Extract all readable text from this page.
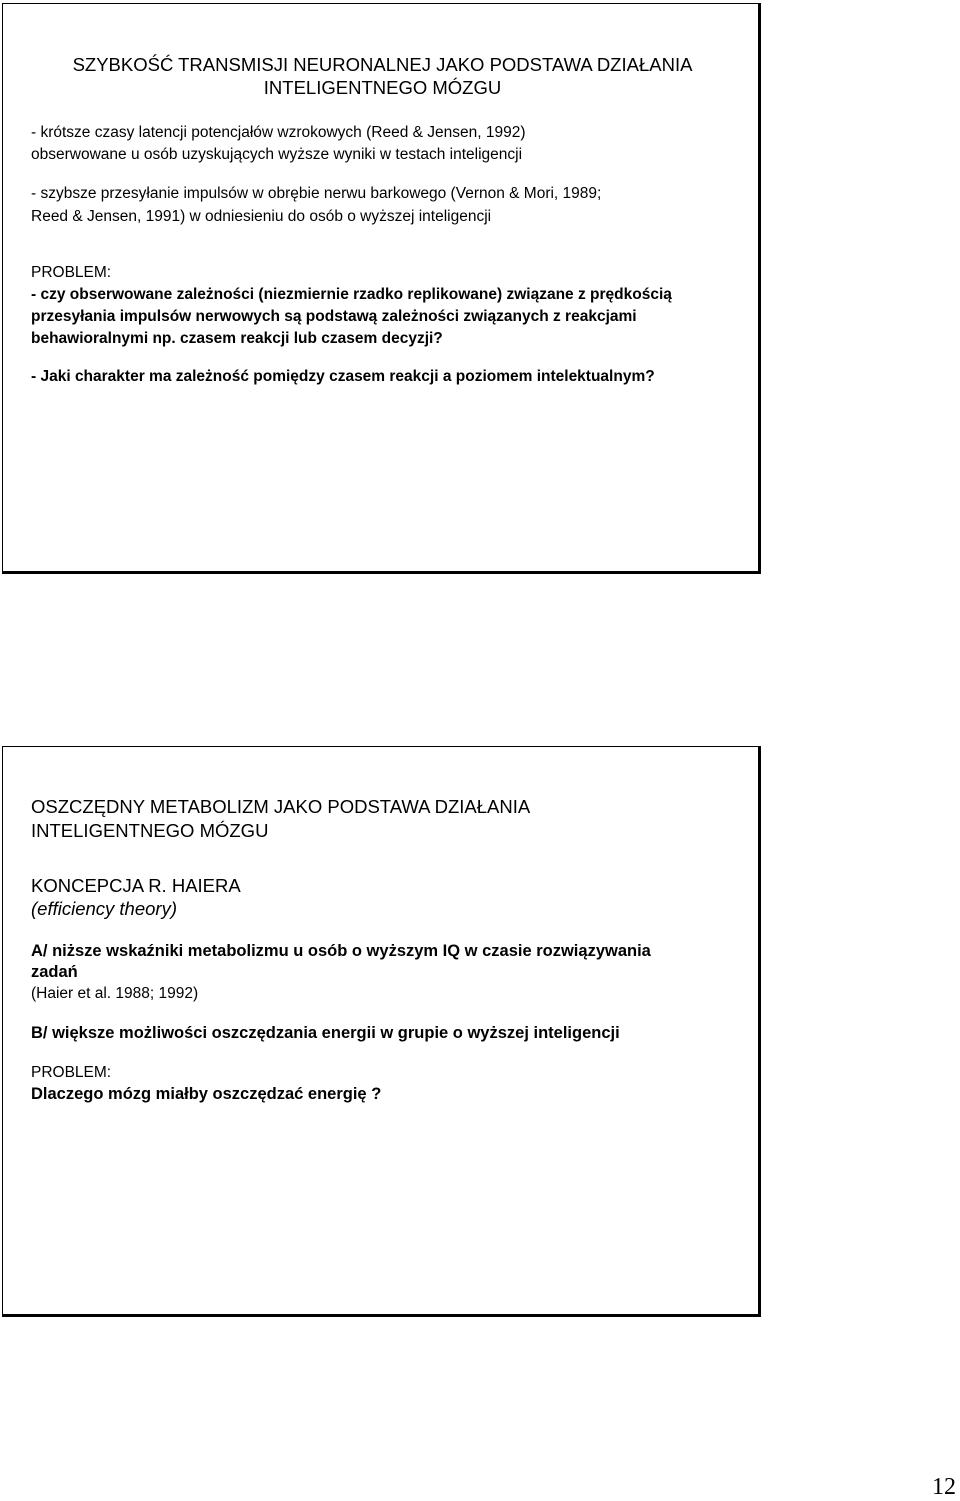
SZYBKOŚĆ TRANSMISJI NEURONALNEJ JAKO PODSTAWA DZIAŁANIA

INTELIGENTNEGO MÓZGU

- krótsze czasy latencji potencjałów wzrokowych (Reed & Jensen, 1992)

obserwowane u osób uzyskujących wyższe wyniki w testach inteligencji

- szybsze przesyłanie impulsów w obrębie nerwu barkowego (Vernon & Mori, 1989;

Reed & Jensen, 1991) w odniesieniu do osób o wyższej inteligencji

PROBLEM:

- czy obserwowane zależności (niezmiernie rzadko replikowane) związane z prędkością

przesyłania impulsów nerwowych są podstawą zależności związanych z reakcjami

behawioralnymi np. czasem reakcji lub czasem decyzji?

- Jaki charakter ma zależność pomiędzy czasem reakcji a poziomem intelektualnym?

OSZCZĘDNY METABOLIZM JAKO PODSTAWA DZIAŁANIA

INTELIGENTNEGO MÓZGU

KONCEPCJA R. HAIERA

(efficiency theory)

A/ niższe wskaźniki metabolizmu u osób o wyższym IQ w czasie rozwiązywania

zadań

(Haier et al. 1988; 1992)

B/ większe możliwości oszczędzania energii w grupie o wyższej inteligencji

PROBLEM:

Dlaczego mózg miałby oszczędzać energię ?

12
